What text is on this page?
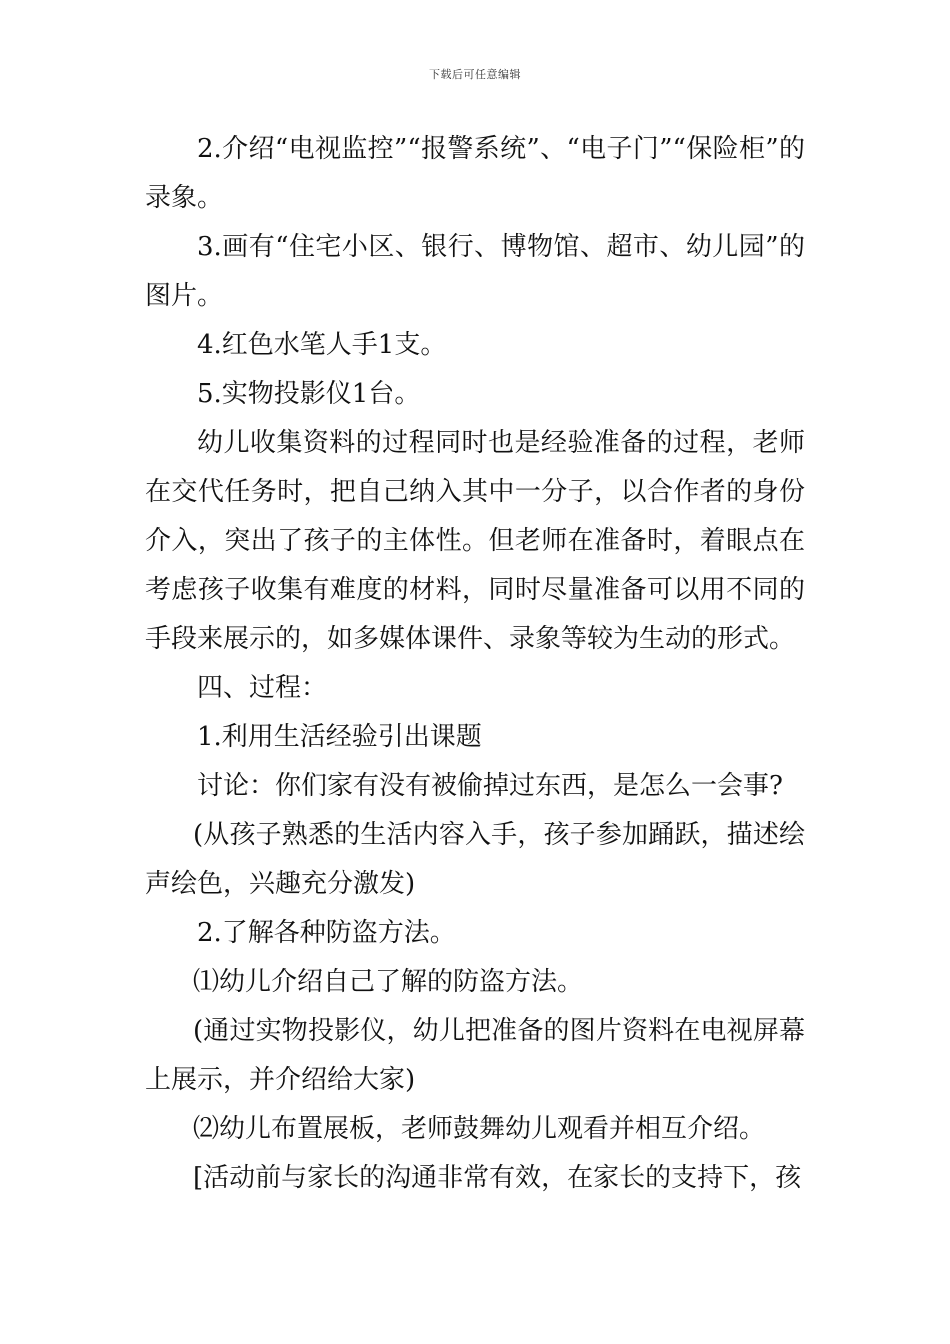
下载后可任意编辑

2.介绍“电视监控”“报警系统”、“电子门”“保险柜”的录象。

3.画有“住宅小区、银行、博物馆、超市、幼儿园”的图片。

4.红色水笔人手1支。

5.实物投影仪1台。

幼儿收集资料的过程同时也是经验准备的过程，老师在交代任务时，把自己纳入其中一分子，以合作者的身份介入，突出了孩子的主体性。但老师在准备时，着眼点在考虑孩子收集有难度的材料，同时尽量准备可以用不同的手段来展示的，如多媒体课件、录象等较为生动的形式。

四、过程：

1.利用生活经验引出课题

讨论：你们家有没有被偷掉过东西，是怎么一会事?

(从孩子熟悉的生活内容入手，孩子参加踊跃，描述绘声绘色，兴趣充分激发)

2.了解各种防盗方法。

⑴幼儿介绍自己了解的防盗方法。

(通过实物投影仪，幼儿把准备的图片资料在电视屏幕上展示，并介绍给大家)

⑵幼儿布置展板，老师鼓舞幼儿观看并相互介绍。

[活动前与家长的沟通非常有效，在家长的支持下，孩
